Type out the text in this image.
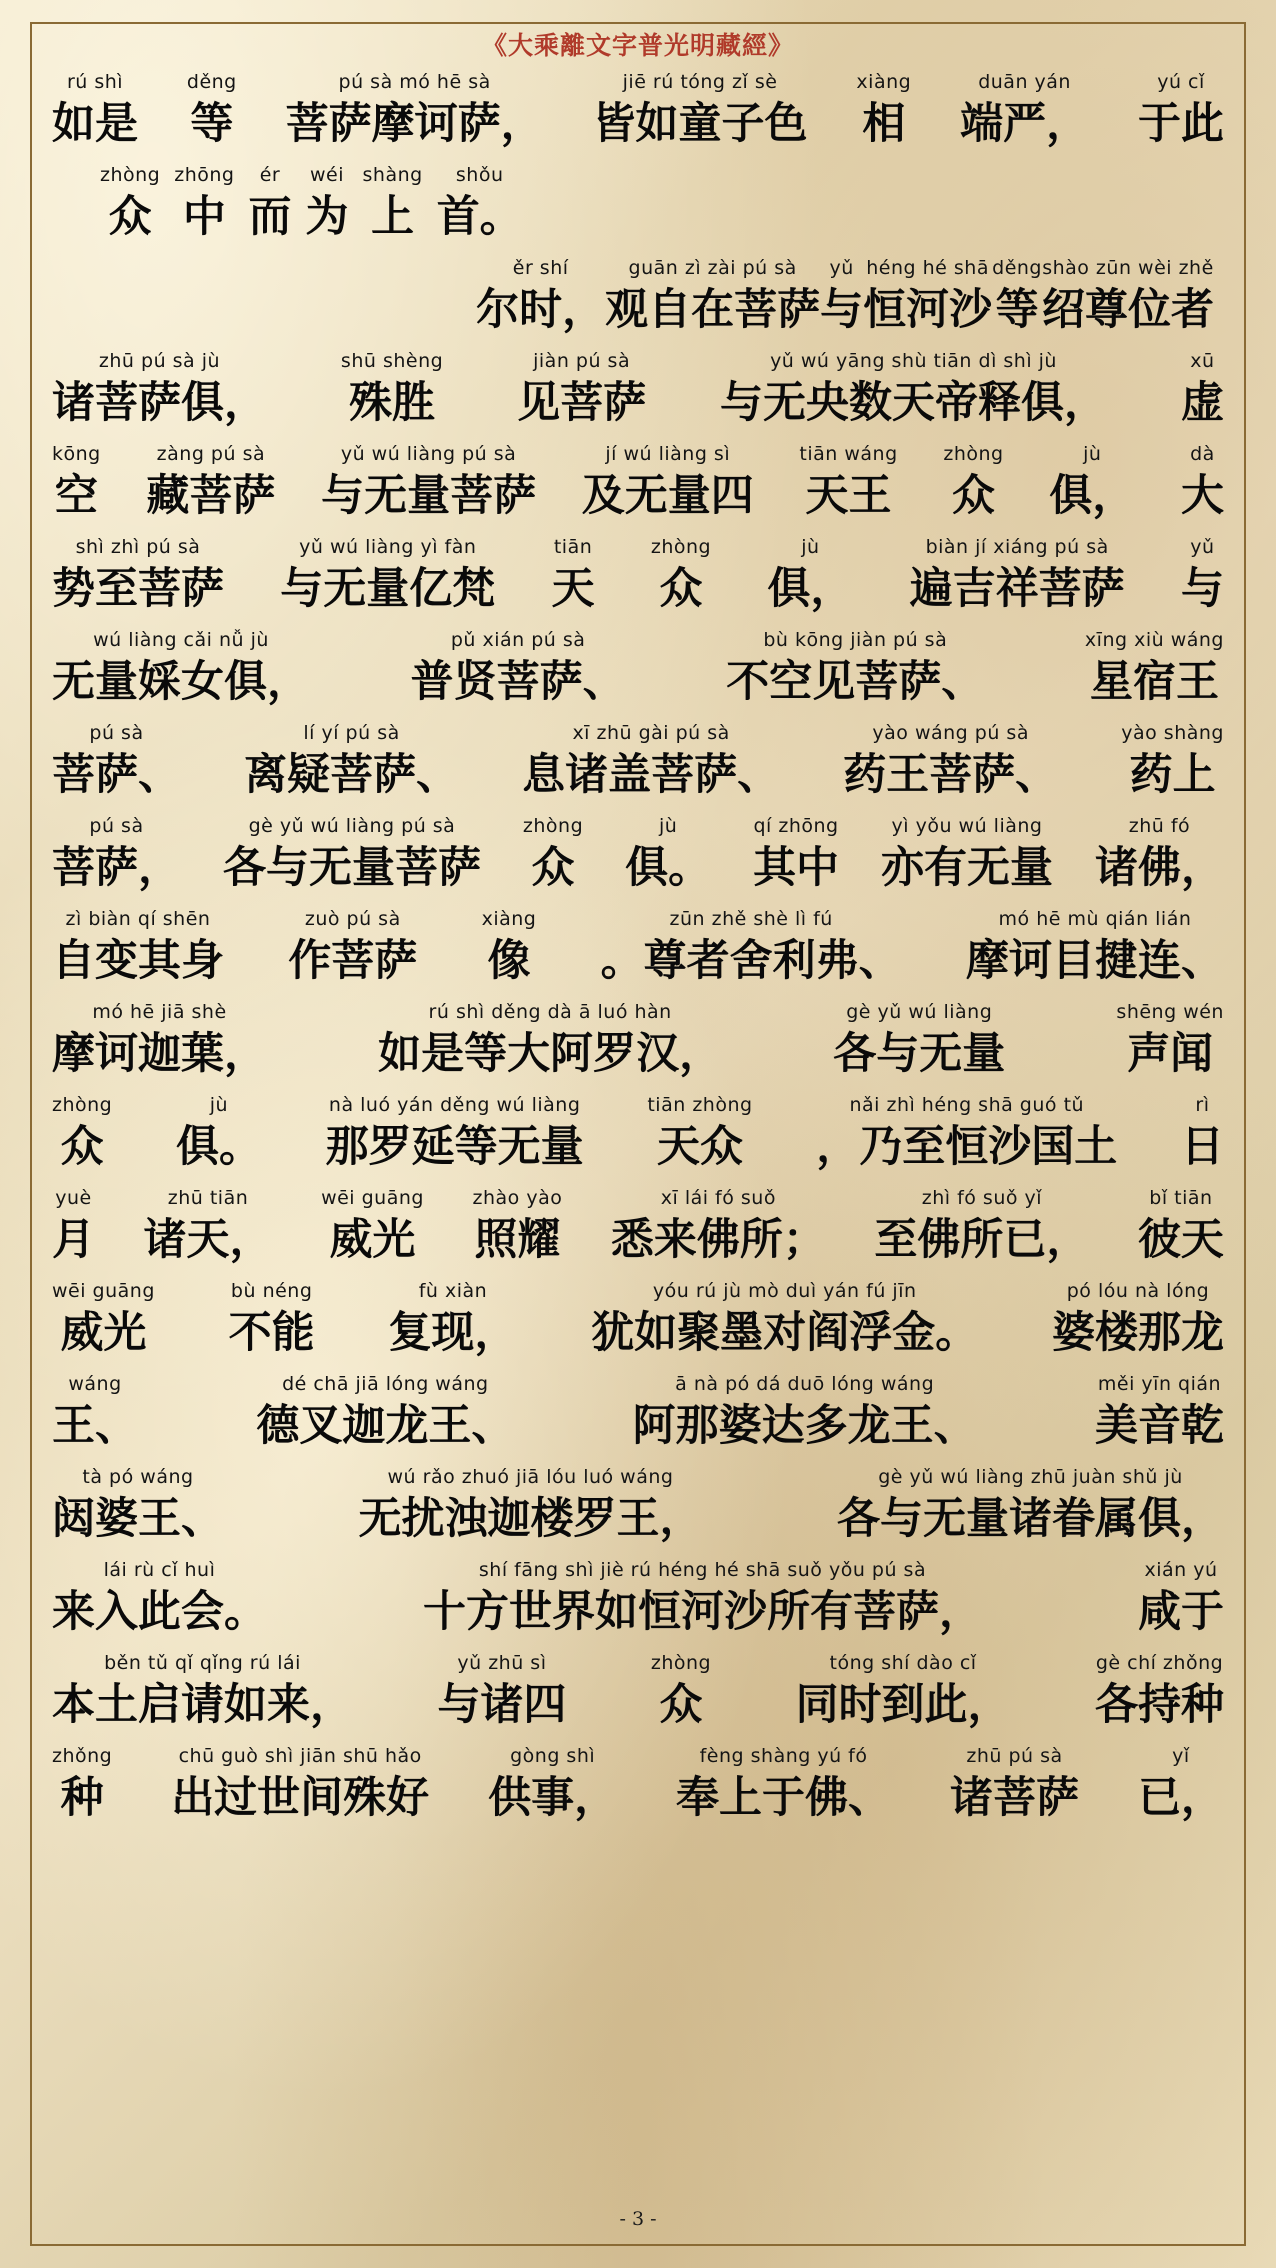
《大乘離文字普光明藏經》
rú shì
如是
děng
等
pú sà mó hē sà
菩萨摩诃萨，
jiē rú tóng zǐ sè
皆如童子色
xiàng
相
duān yán
端严，
yú cǐ
于此
zhòng
众
zhōng
中
ér
而
wéi
为
shàng
上
shǒu
首。
ěr shí
尔时，
guān zì zài pú sà
观自在菩萨
yǔ
与
héng hé shā
恒河沙
děng
等
shào zūn wèi zhě
绍尊位者
zhū pú sà jù
诸菩萨俱，
shū shèng
殊胜
jiàn pú sà
见菩萨
yǔ wú yāng shù tiān dì shì jù
与无央数天帝释俱，
xū
虚
kōng
空
zàng pú sà
藏菩萨
yǔ wú liàng pú sà
与无量菩萨
jí wú liàng sì
及无量四
tiān wáng
天王
zhòng
众
jù
俱，
dà
大
shì zhì pú sà
势至菩萨
yǔ wú liàng yì fàn
与无量亿梵
tiān
天
zhòng
众
jù
俱，
biàn jí xiáng pú sà
遍吉祥菩萨
yǔ
与
wú liàng cǎi nǚ jù
无量婇女俱，
pǔ xián pú sà
普贤菩萨、
bù kōng jiàn pú sà
不空见菩萨、
xīng xiù wáng
星宿王
pú sà
菩萨、
lí yí pú sà
离疑菩萨、
xī zhū gài pú sà
息诸盖菩萨、
yào wáng pú sà
药王菩萨、
yào shàng
药上
pú sà
菩萨，
gè yǔ wú liàng pú sà
各与无量菩萨
zhòng
众
jù
俱。
qí zhōng
其中
yì yǒu wú liàng
亦有无量
zhū fó
诸佛，
zì biàn qí shēn
自变其身
zuò pú sà
作菩萨
xiàng
像
zūn zhě shè lì fú
。尊者舍利弗、
mó hē mù qián lián
摩诃目揵连、
mó hē jiā shè
摩诃迦葉，
rú shì děng dà ā luó hàn
如是等大阿罗汉，
gè yǔ wú liàng
各与无量
shēng wén
声闻
zhòng
众
jù
俱。
nà luó yán děng wú liàng
那罗延等无量
tiān zhòng
天众
nǎi zhì héng shā guó tǔ
，乃至恒沙国土
rì
日
yuè
月
zhū tiān
诸天，
wēi guāng
威光
zhào yào
照耀
xī lái fó suǒ
悉来佛所；
zhì fó suǒ yǐ
至佛所已，
bǐ tiān
彼天
wēi guāng
威光
bù néng
不能
fù xiàn
复现，
yóu rú jù mò duì yán fú jīn
犹如聚墨对阎浮金。
pó lóu nà lóng
婆楼那龙
wáng
王、
dé chā jiā lóng wáng
德叉迦龙王、
ā nà pó dá duō lóng wáng
阿那婆达多龙王、
měi yīn qián
美音乾
tà pó wáng
闼婆王、
wú rǎo zhuó jiā lóu luó wáng
无扰浊迦楼罗王，
gè yǔ wú liàng zhū juàn shǔ jù
各与无量诸眷属俱，
lái rù cǐ huì
来入此会。
shí fāng shì jiè rú héng hé shā suǒ yǒu pú sà
十方世界如恒河沙所有菩萨，
xián yú
咸于
běn tǔ qǐ qǐng rú lái
本土启请如来，
yǔ zhū sì
与诸四
zhòng
众
tóng shí dào cǐ
同时到此，
gè chí zhǒng
各持种
zhǒng
种
chū guò shì jiān shū hǎo
出过世间殊好
gòng shì
供事，
fèng shàng yú fó
奉上于佛、
zhū pú sà
诸菩萨
yǐ
已，
- 3 -
